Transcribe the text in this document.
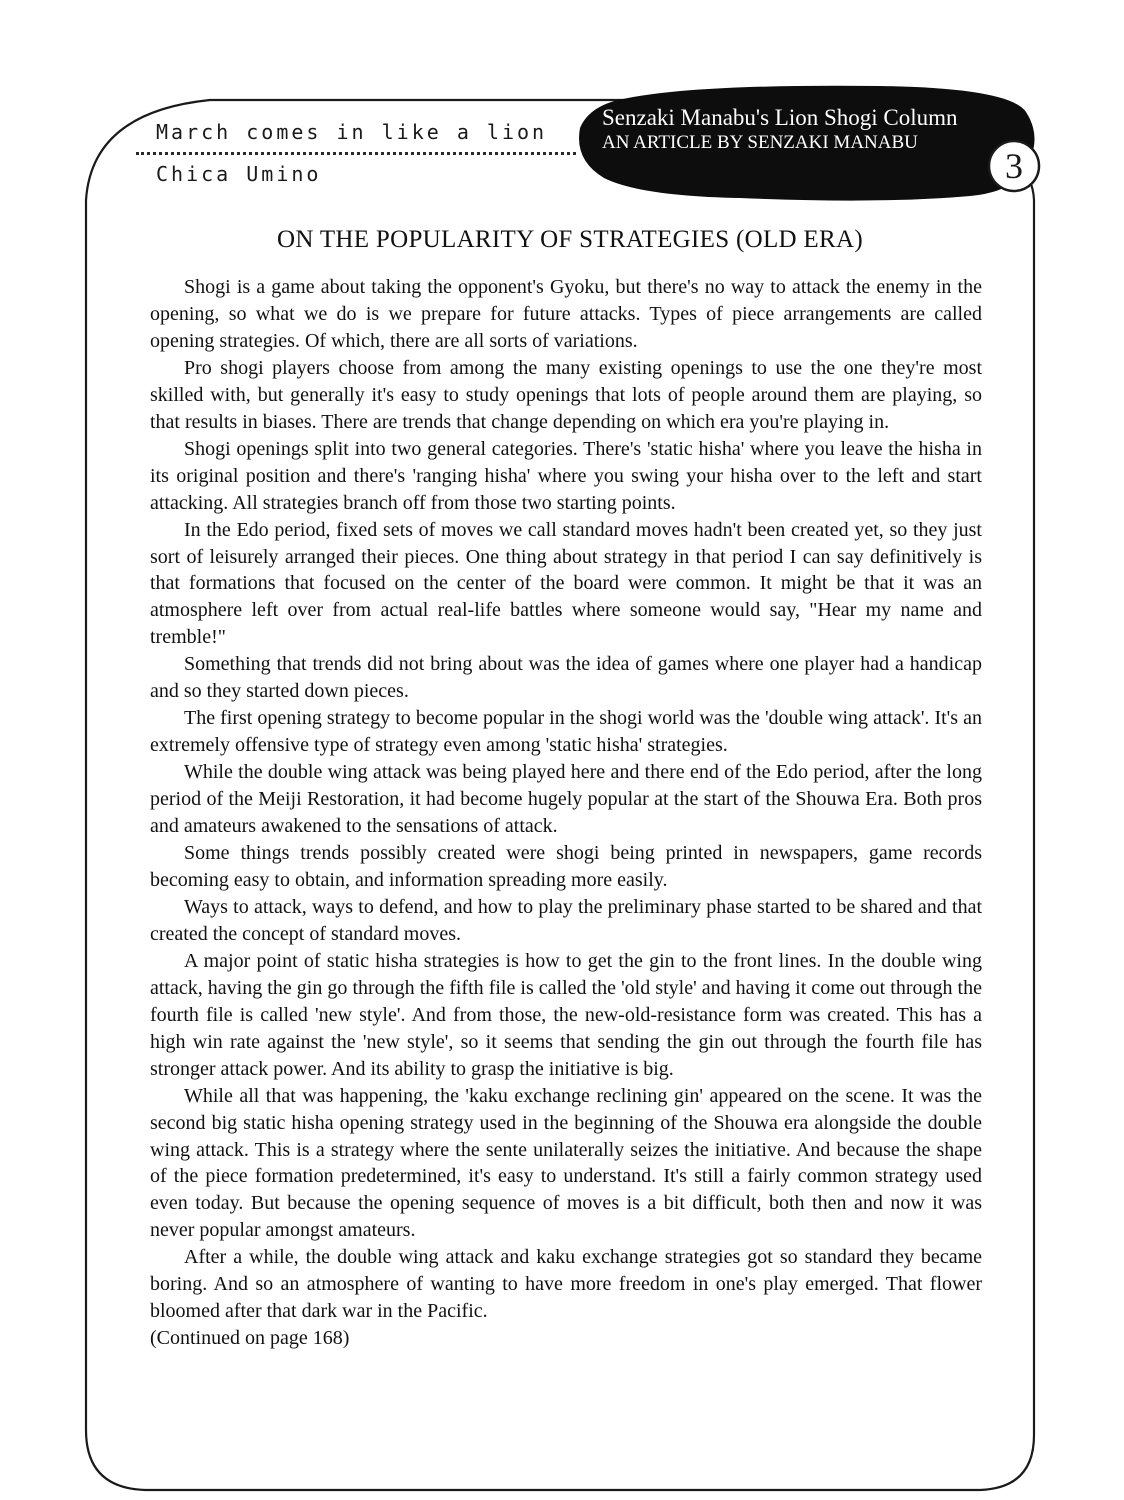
March comes in like a lion
Chica Umino
Senzaki Manabu's Lion Shogi Column
AN ARTICLE BY SENZAKI MANABU
3
ON THE POPULARITY OF STRATEGIES (OLD ERA)

Shogi is a game about taking the opponent's Gyoku, but there's no way to attack the enemy in the opening, so what we do is we prepare for future attacks. Types of piece arrangements are called opening strategies. Of which, there are all sorts of variations.

Pro shogi players choose from among the many existing openings to use the one they're most skilled with, but generally it's easy to study openings that lots of people around them are playing, so that results in biases. There are trends that change depending on which era you're playing in.

Shogi openings split into two general categories. There's 'static hisha' where you leave the hisha in its original position and there's 'ranging hisha' where you swing your hisha over to the left and start attacking. All strategies branch off from those two starting points.

In the Edo period, fixed sets of moves we call standard moves hadn't been created yet, so they just sort of leisurely arranged their pieces. One thing about strategy in that period I can say definitively is that formations that focused on the center of the board were common. It might be that it was an atmosphere left over from actual real-life battles where someone would say, "Hear my name and tremble!"

Something that trends did not bring about was the idea of games where one player had a handicap and so they started down pieces.

The first opening strategy to become popular in the shogi world was the 'double wing attack'. It's an extremely offensive type of strategy even among 'static hisha' strategies.

While the double wing attack was being played here and there end of the Edo period, after the long period of the Meiji Restoration, it had become hugely popular at the start of the Shouwa Era. Both pros and amateurs awakened to the sensations of attack.

Some things trends possibly created were shogi being printed in newspapers, game records becoming easy to obtain, and information spreading more easily.

Ways to attack, ways to defend, and how to play the preliminary phase started to be shared and that created the concept of standard moves.

A major point of static hisha strategies is how to get the gin to the front lines. In the double wing attack, having the gin go through the fifth file is called the 'old style' and having it come out through the fourth file is called 'new style'. And from those, the new-old-resistance form was created. This has a high win rate against the 'new style', so it seems that sending the gin out through the fourth file has stronger attack power. And its ability to grasp the initiative is big.

While all that was happening, the 'kaku exchange reclining gin' appeared on the scene. It was the second big static hisha opening strategy used in the beginning of the Shouwa era alongside the double wing attack. This is a strategy where the sente unilaterally seizes the initiative. And because the shape of the piece formation predetermined, it's easy to understand. It's still a fairly common strategy used even today. But because the opening sequence of moves is a bit difficult, both then and now it was never popular amongst amateurs.

After a while, the double wing attack and kaku exchange strategies got so standard they became boring. And so an atmosphere of wanting to have more freedom in one's play emerged. That flower bloomed after that dark war in the Pacific.

(Continued on page 168)
